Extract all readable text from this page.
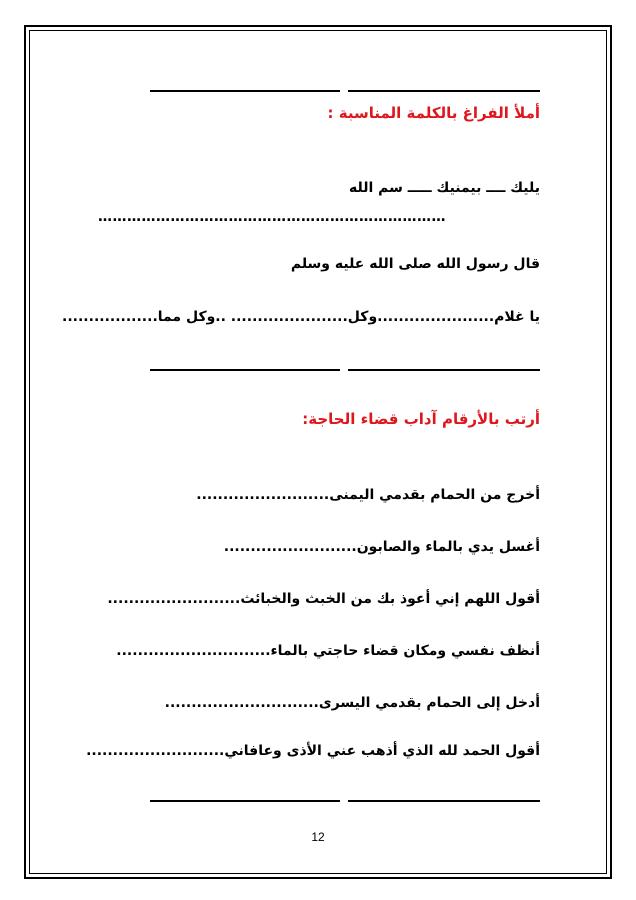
أملأ الفراغ بالكلمة المناسبة :
يليك ــــ بيمنيك ـــــ سم الله
………………………………………………………………
قال رسول الله صلى الله عليه وسلم
يا غلام......................وكل...................... ..وكل مما..................
أرتب بالأرقام آداب قضاء الحاجة:
أخرج من الحمام بقدمي اليمنى.........................
أغسل يدي بالماء والصابون.........................
أقول اللهم إني أعوذ بك من الخبث والخبائث.........................
أنظف نفسي ومكان قضاء حاجتي بالماء.............................
أدخل إلى الحمام بقدمي اليسرى.............................
أقول الحمد لله الذي أذهب عني الأذى وعافاني..........................
12
